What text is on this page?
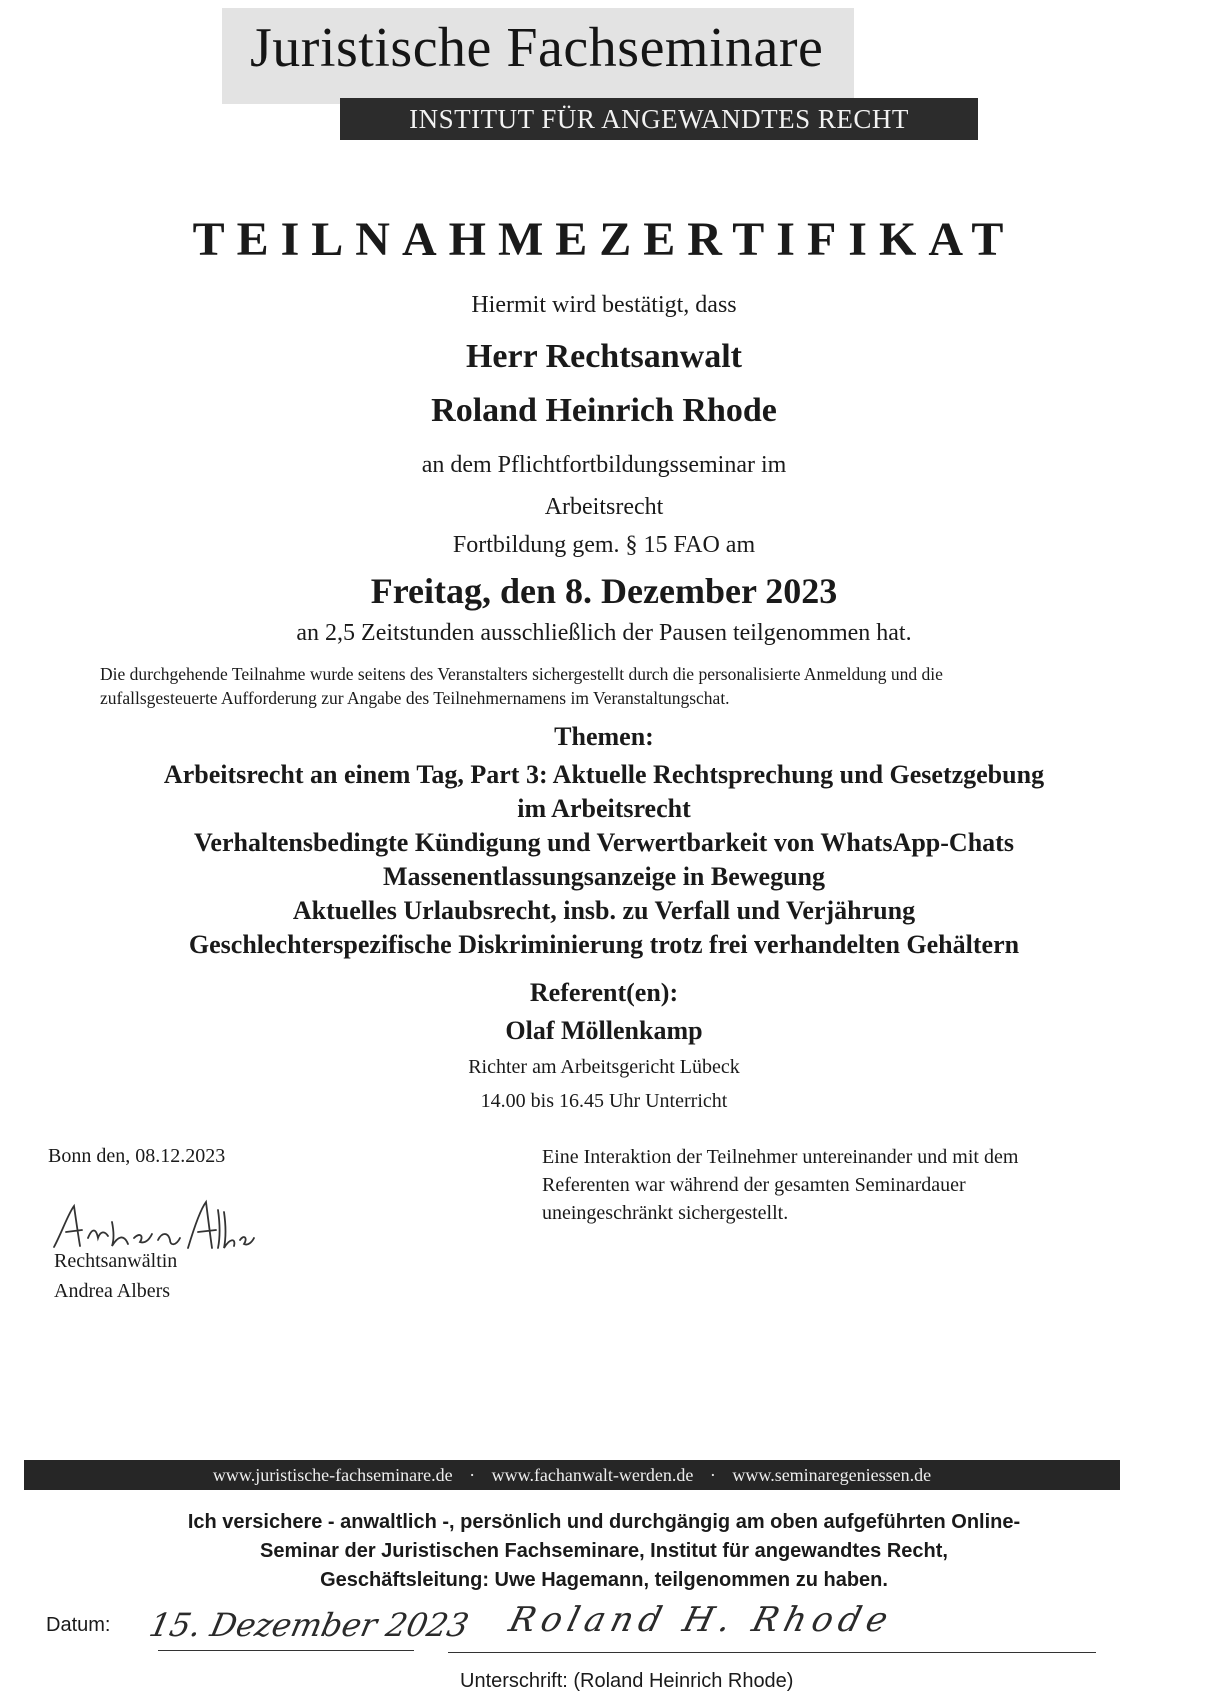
Juristische Fachseminare
INSTITUT FÜR ANGEWANDTES RECHT
TEILNAHMEZERTIFIKAT
Hiermit wird bestätigt, dass
Herr Rechtsanwalt
Roland Heinrich Rhode
an dem Pflichtfortbildungsseminar im
Arbeitsrecht
Fortbildung gem. § 15 FAO am
Freitag, den 8. Dezember 2023
an 2,5 Zeitstunden ausschließlich der Pausen teilgenommen hat.
Die durchgehende Teilnahme wurde seitens des Veranstalters sichergestellt durch die personalisierte Anmeldung und die
zufallsgesteuerte Aufforderung zur Angabe des Teilnehmernamens im Veranstaltungschat.
Themen:
Arbeitsrecht an einem Tag, Part 3: Aktuelle Rechtsprechung und Gesetzgebung
im Arbeitsrecht
Verhaltensbedingte Kündigung und Verwertbarkeit von WhatsApp-Chats
Massenentlassungsanzeige in Bewegung
Aktuelles Urlaubsrecht, insb. zu Verfall und Verjährung
Geschlechterspezifische Diskriminierung trotz frei verhandelten Gehältern
Referent(en):
Olaf Möllenkamp
Richter am Arbeitsgericht Lübeck
14.00 bis 16.45 Uhr Unterricht
Bonn den, 08.12.2023
Rechtsanwältin
Andrea Albers
Eine Interaktion der Teilnehmer untereinander und mit dem
Referenten war während der gesamten Seminardauer
uneingeschränkt sichergestellt.
www.juristische-fachseminare.de · www.fachanwalt-werden.de · www.seminaregeniessen.de
Ich versichere - anwaltlich -, persönlich und durchgängig am oben aufgeführten Online-
Seminar der Juristischen Fachseminare, Institut für angewandtes Recht,
Geschäftsleitung: Uwe Hagemann, teilgenommen zu haben.
Datum: 15. Dezember 2023 Roland H. Rhode
Unterschrift: (Roland Heinrich Rhode)
